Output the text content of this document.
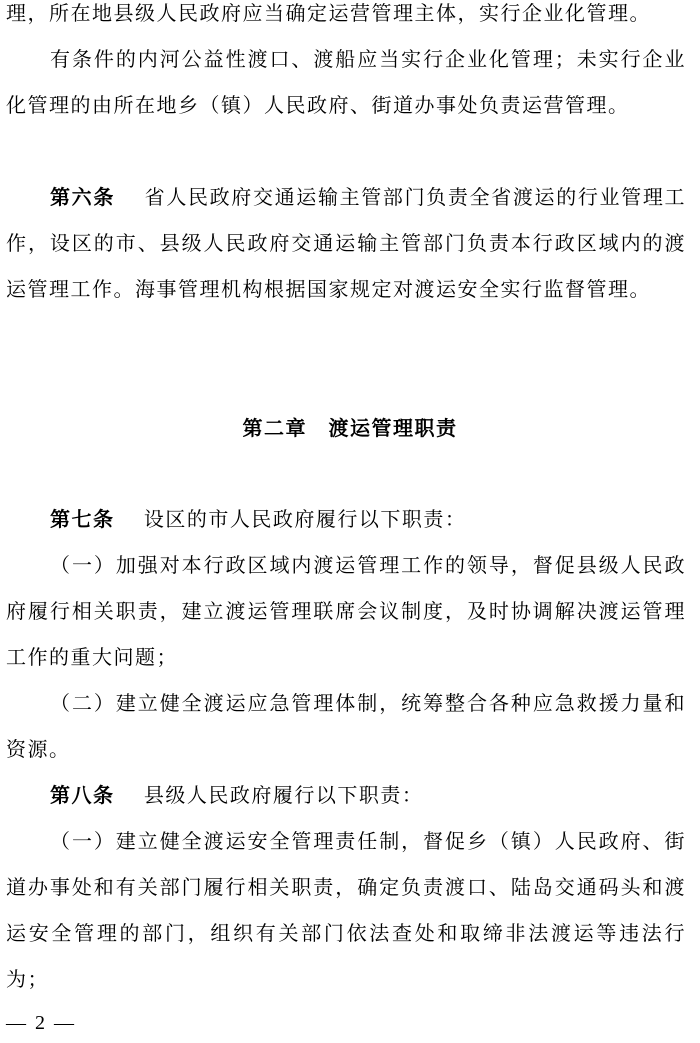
理，所在地县级人民政府应当确定运营管理主体，实行企业化管理。

有条件的内河公益性渡口、渡船应当实行企业化管理；未实行企业化管理的由所在地乡（镇）人民政府、街道办事处负责运营管理。

第六条　 省人民政府交通运输主管部门负责全省渡运的行业管理工作，设区的市、县级人民政府交通运输主管部门负责本行政区域内的渡运管理工作。海事管理机构根据国家规定对渡运安全实行监督管理。

第二章　 渡运管理职责

第七条　 设区的市人民政府履行以下职责：

（一）加强对本行政区域内渡运管理工作的领导，督促县级人民政府履行相关职责，建立渡运管理联席会议制度，及时协调解决渡运管理工作的重大问题；

（二）建立健全渡运应急管理体制，统筹整合各种应急救援力量和资源。

第八条　 县级人民政府履行以下职责：

（一）建立健全渡运安全管理责任制，督促乡（镇）人民政府、街道办事处和有关部门履行相关职责，确定负责渡口、陆岛交通码头和渡运安全管理的部门，组织有关部门依法查处和取缔非法渡运等违法行为；

— 2 —
